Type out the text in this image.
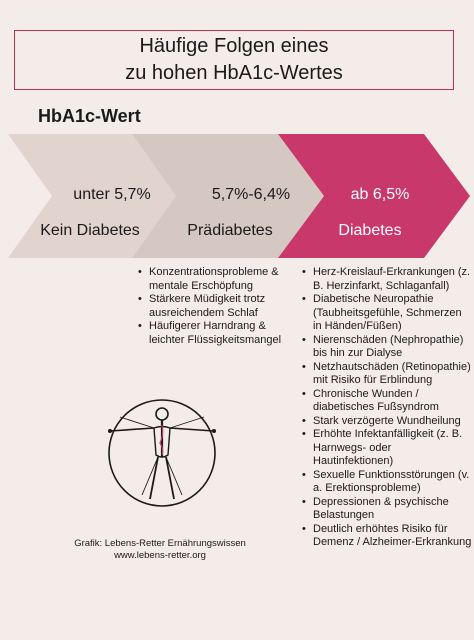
Häufige Folgen eines
zu hohen HbA1c-Wertes
HbA1c-Wert
unter 5,7%
Kein Diabetes
5,7%-6,4%
Prädiabetes
ab 6,5%
Diabetes
• Konzentrationsprobleme & mentale Erschöpfung
• Stärkere Müdigkeit trotz ausreichendem Schlaf
• Häufigerer Harndrang & leichter Flüssigkeitsmangel
• Herz-Kreislauf-Erkrankungen (z. B. Herzinfarkt, Schlaganfall)
• Diabetische Neuropathie (Taubheitsgefühle, Schmerzen in Händen/Füßen)
• Nierenschäden (Nephropathie) bis hin zur Dialyse
• Netzhautschäden (Retinopathie) mit Risiko für Erblindung
• Chronische Wunden / diabetisches Fußsyndrom
• Stark verzögerte Wundheilung
• Erhöhte Infektanfälligkeit (z. B. Harnwegs- oder Hautinfektionen)
• Sexuelle Funktionsstörungen (v. a. Erektionsprobleme)
• Depressionen & psychische Belastungen
• Deutlich erhöhtes Risiko für Demenz / Alzheimer-Erkrankung
Grafik: Lebens-Retter Ernährungswissen
www.lebens-retter.org
